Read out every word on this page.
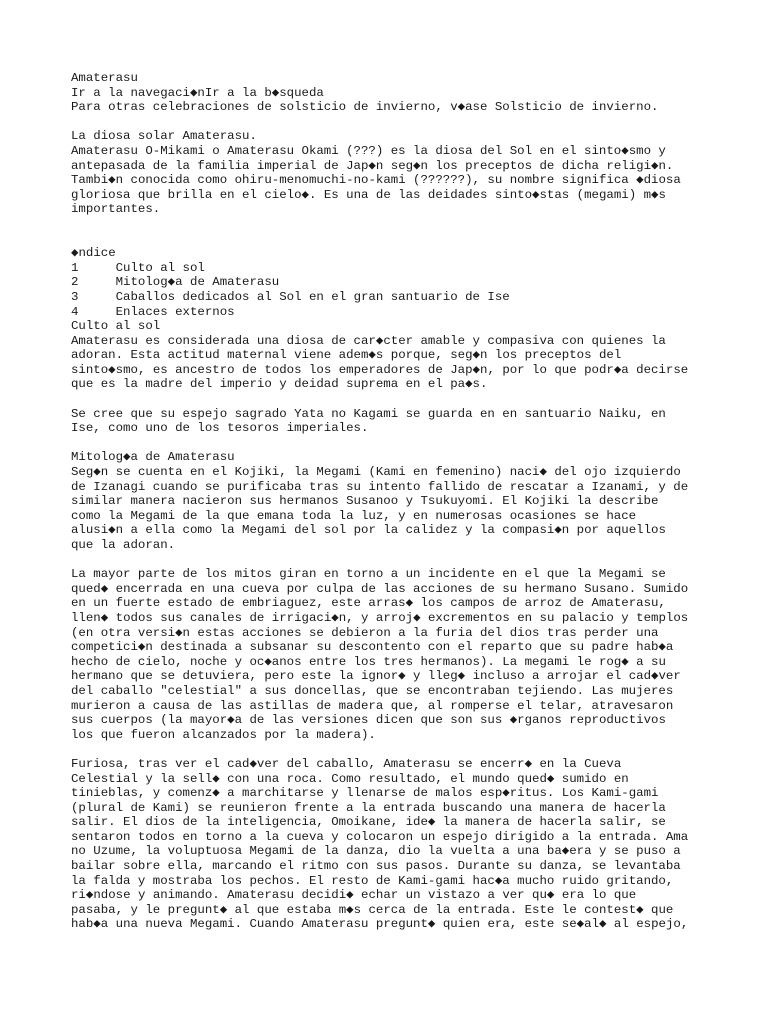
Amaterasu
Ir a la navegaci◆nIr a la b◆squeda
Para otras celebraciones de solsticio de invierno, v◆ase Solsticio de invierno.
La diosa solar Amaterasu.
Amaterasu O-Mikami o Amaterasu Okami (???) es la diosa del Sol en el sinto◆smo y
antepasada de la familia imperial de Jap◆n seg◆n los preceptos de dicha religi◆n.
Tambi◆n conocida como ohiru-menomuchi-no-kami (??????), su nombre significa ◆diosa
gloriosa que brilla en el cielo◆. Es una de las deidades sinto◆stas (megami) m◆s
importantes.
◆ndice
1	Culto al sol
2	Mitolog◆a de Amaterasu
3	Caballos dedicados al Sol en el gran santuario de Ise
4	Enlaces externos
Culto al sol
Amaterasu es considerada una diosa de car◆cter amable y compasiva con quienes la
adoran. Esta actitud maternal viene adem◆s porque, seg◆n los preceptos del
sinto◆smo, es ancestro de todos los emperadores de Jap◆n, por lo que podr◆a decirse
que es la madre del imperio y deidad suprema en el pa◆s.
Se cree que su espejo sagrado Yata no Kagami se guarda en en santuario Naiku, en
Ise, como uno de los tesoros imperiales.
Mitolog◆a de Amaterasu
Seg◆n se cuenta en el Kojiki, la Megami (Kami en femenino) naci◆ del ojo izquierdo
de Izanagi cuando se purificaba tras su intento fallido de rescatar a Izanami, y de
similar manera nacieron sus hermanos Susanoo y Tsukuyomi. El Kojiki la describe
como la Megami de la que emana toda la luz, y en numerosas ocasiones se hace
alusi◆n a ella como la Megami del sol por la calidez y la compasi◆n por aquellos
que la adoran.
La mayor parte de los mitos giran en torno a un incidente en el que la Megami se
qued◆ encerrada en una cueva por culpa de las acciones de su hermano Susano. Sumido
en un fuerte estado de embriaguez, este arras◆ los campos de arroz de Amaterasu,
llen◆ todos sus canales de irrigaci◆n, y arroj◆ excrementos en su palacio y templos
(en otra versi◆n estas acciones se debieron a la furia del dios tras perder una
competici◆n destinada a subsanar su descontento con el reparto que su padre hab◆a
hecho de cielo, noche y oc◆anos entre los tres hermanos). La megami le rog◆ a su
hermano que se detuviera, pero este la ignor◆ y lleg◆ incluso a arrojar el cad◆ver
del caballo "celestial" a sus doncellas, que se encontraban tejiendo. Las mujeres
murieron a causa de las astillas de madera que, al romperse el telar, atravesaron
sus cuerpos (la mayor◆a de las versiones dicen que son sus ◆rganos reproductivos
los que fueron alcanzados por la madera).
Furiosa, tras ver el cad◆ver del caballo, Amaterasu se encerr◆ en la Cueva
Celestial y la sell◆ con una roca. Como resultado, el mundo qued◆ sumido en
tinieblas, y comenz◆ a marchitarse y llenarse de malos esp◆ritus. Los Kami-gami
(plural de Kami) se reunieron frente a la entrada buscando una manera de hacerla
salir. El dios de la inteligencia, Omoikane, ide◆ la manera de hacerla salir, se
sentaron todos en torno a la cueva y colocaron un espejo dirigido a la entrada. Ama
no Uzume, la voluptuosa Megami de la danza, dio la vuelta a una ba◆era y se puso a
bailar sobre ella, marcando el ritmo con sus pasos. Durante su danza, se levantaba
la falda y mostraba los pechos. El resto de Kami-gami hac◆a mucho ruido gritando,
ri◆ndose y animando. Amaterasu decidi◆ echar un vistazo a ver qu◆ era lo que
pasaba, y le pregunt◆ al que estaba m◆s cerca de la entrada. Este le contest◆ que
hab◆a una nueva Megami. Cuando Amaterasu pregunt◆ quien era, este se◆al◆ al espejo,
